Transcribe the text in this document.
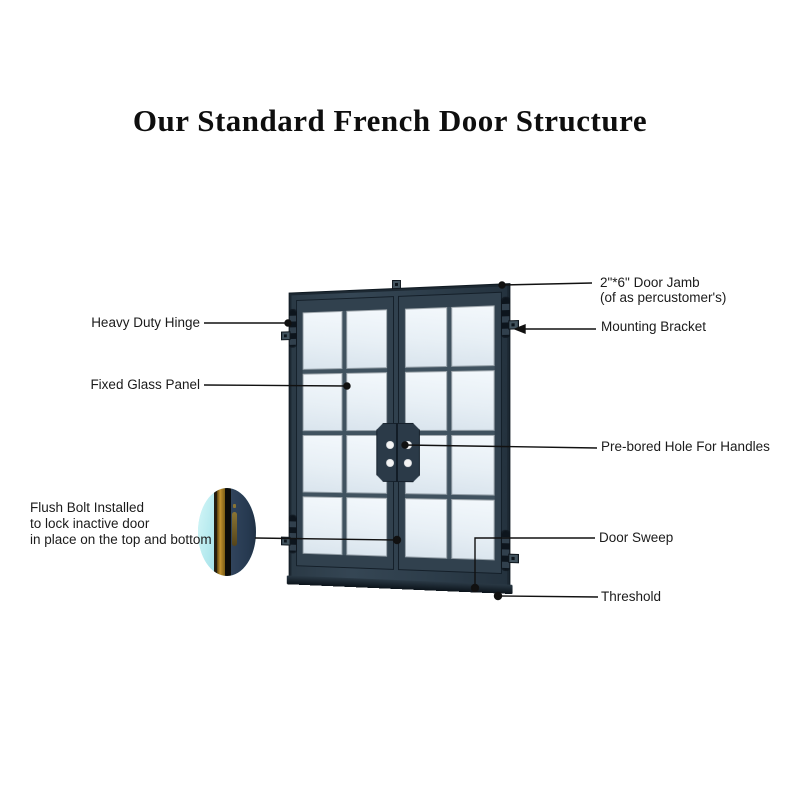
Our Standard French Door Structure
Heavy Duty Hinge
Fixed Glass Panel
Flush Bolt Installed
to lock inactive door
in place on the top and bottom
2"*6" Door Jamb
(of as percustomer's)
Mounting Bracket
Pre-bored Hole For Handles
Door Sweep
Threshold
